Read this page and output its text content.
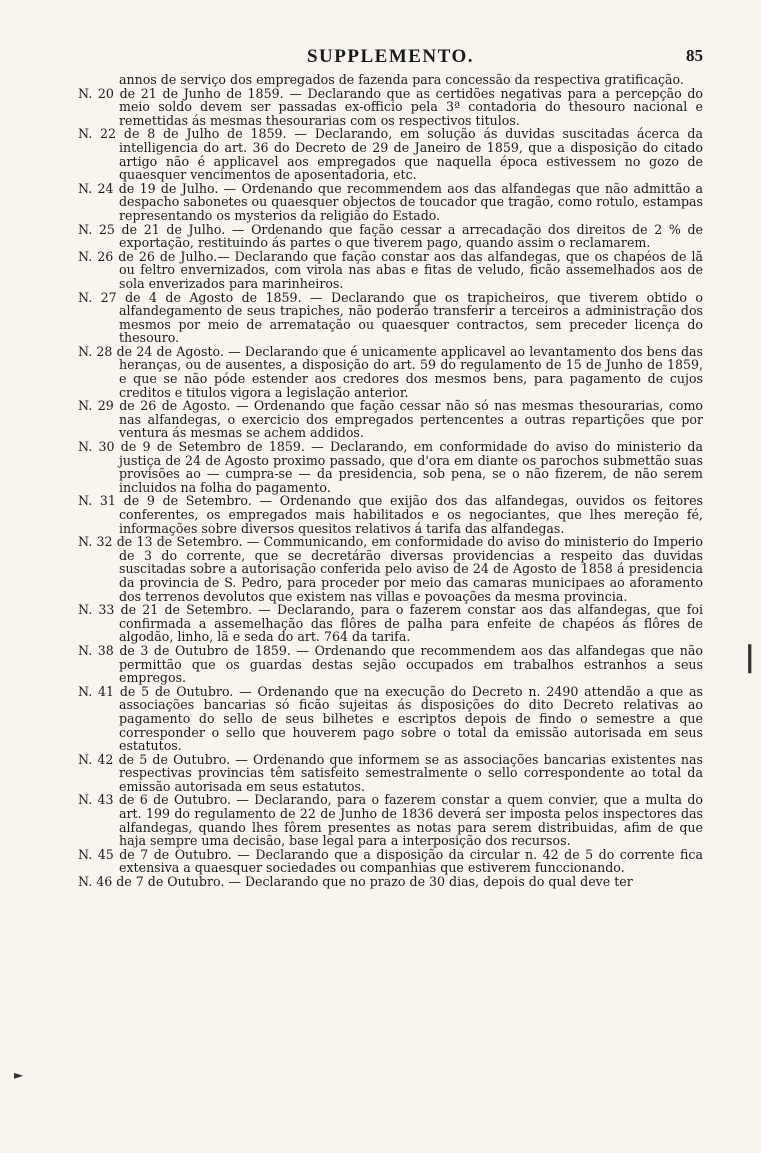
SUPPLEMENTO.	85

annos de serviço dos empregados de fazenda para concessão da respectiva gratificação.

N. 20 de 21 de Junho de 1859. — Declarando que as certidões negativas para a percepção do meio soldo devem ser passadas ex-officio pela 3ª contadoria do thesouro nacional e remettidas ás mesmas thesourarias com os respectivos titulos.

N. 22 de 8 de Julho de 1859. — Declarando, em solução ás duvidas suscitadas ácerca da intelligencia do art. 36 do Decreto de 29 de Janeiro de 1859, que a disposição do citado artigo não é applicavel aos empregados que naquella época estivessem no gozo de quaesquer vencimentos de aposentadoria, etc.

N. 24 de 19 de Julho. — Ordenando que recommendem aos das alfandegas que não admittão a despacho sabonetes ou quaesquer objectos de toucador que tragão, como rotulo, estampas representando os mysterios da religião do Estado.

N. 25 de 21 de Julho. — Ordenando que fação cessar a arrecadação dos direitos de 2 % de exportação, restituindo ás partes o que tiverem pago, quando assim o reclamarem.

N. 26 de 26 de Julho.— Declarando que fação constar aos das alfandegas, que os chapéos de lã ou feltro envernizados, com virola nas abas e fitas de veludo, ficão assemelhados aos de sola enverizados para marinheiros.

N. 27 de 4 de Agosto de 1859. — Declarando que os trapicheiros, que tiverem obtido o alfandegamento de seus trapiches, não poderão transferir a terceiros a administração dos mesmos por meio de arrematação ou quaesquer contractos, sem preceder licença do thesouro.

N. 28 de 24 de Agosto. — Declarando que é unicamente applicavel ao levantamento dos bens das heranças, ou de ausentes, a disposição do art. 59 do regulamento de 15 de Junho de 1859, e que se não póde estender aos credores dos mesmos bens, para pagamento de cujos creditos e titulos vigora a legislação anterior.

N. 29 de 26 de Agosto. — Ordenando que fação cessar não só nas mesmas thesourarias, como nas alfandegas, o exercicio dos empregados pertencentes a outras repartições que por ventura ás mesmas se achem addidos.

N. 30 de 9 de Setembro de 1859. — Declarando, em conformidade do aviso do ministerio da justiça de 24 de Agosto proximo passado, que d'ora em diante os parochos submettão suas provisões ao — cumpra-se — da presidencia, sob pena, se o não fizerem, de não serem incluidos na folha do pagamento.

N. 31 de 9 de Setembro. — Ordenando que exijão dos das alfandegas, ouvidos os feitores conferentes, os empregados mais habilitados e os negociantes, que lhes mereção fé, informações sobre diversos quesitos relativos á tarifa das alfandegas.

N. 32 de 13 de Setembro. — Communicando, em conformidade do aviso do ministerio do Imperio de 3 do corrente, que se decretárão diversas providencias a respeito das duvidas suscitadas sobre a autorisação conferida pelo aviso de 24 de Agosto de 1858 á presidencia da provincia de S. Pedro, para proceder por meio das camaras municipaes ao aforamento dos terrenos devolutos que existem nas villas e povoações da mesma provincia.

N. 33 de 21 de Setembro. — Declarando, para o fazerem constar aos das alfandegas, que foi confirmada a assemelhação das flôres de palha para enfeite de chapéos ás flôres de algodão, linho, lã e seda do art. 764 da tarifa.

N. 38 de 3 de Outubro de 1859. — Ordenando que recommendem aos das alfandegas que não permittão que os guardas destas sejão occupados em trabalhos estranhos a seus empregos.

N. 41 de 5 de Outubro. — Ordenando que na execução do Decreto n. 2490 attendão a que as associações bancarias só ficão sujeitas ás disposições do dito Decreto relativas ao pagamento do sello de seus bilhetes e escriptos depois de findo o semestre a que corresponder o sello que houverem pago sobre o total da emissão autorisada em seus estatutos.

N. 42 de 5 de Outubro. — Ordenando que informem se as associações bancarias existentes nas respectivas provincias têm satisfeito semestralmente o sello correspondente ao total da emissão autorisada em seus estatutos.

N. 43 de 6 de Outubro. — Declarando, para o fazerem constar a quem convier, que a multa do art. 199 do regulamento de 22 de Junho de 1836 deverá ser imposta pelos inspectores das alfandegas, quando lhes fôrem presentes as notas para serem distribuidas, afim de que haja sempre uma decisão, base legal para a interposição dos recursos.

N. 45 de 7 de Outubro. — Declarando que a disposição da circular n. 42 de 5 do corrente fica extensiva a quaesquer sociedades ou companhias que estiverem funccionando.

N. 46 de 7 de Outubro. — Declarando que no prazo de 30 dias, depois do qual deve ter

❘
►
